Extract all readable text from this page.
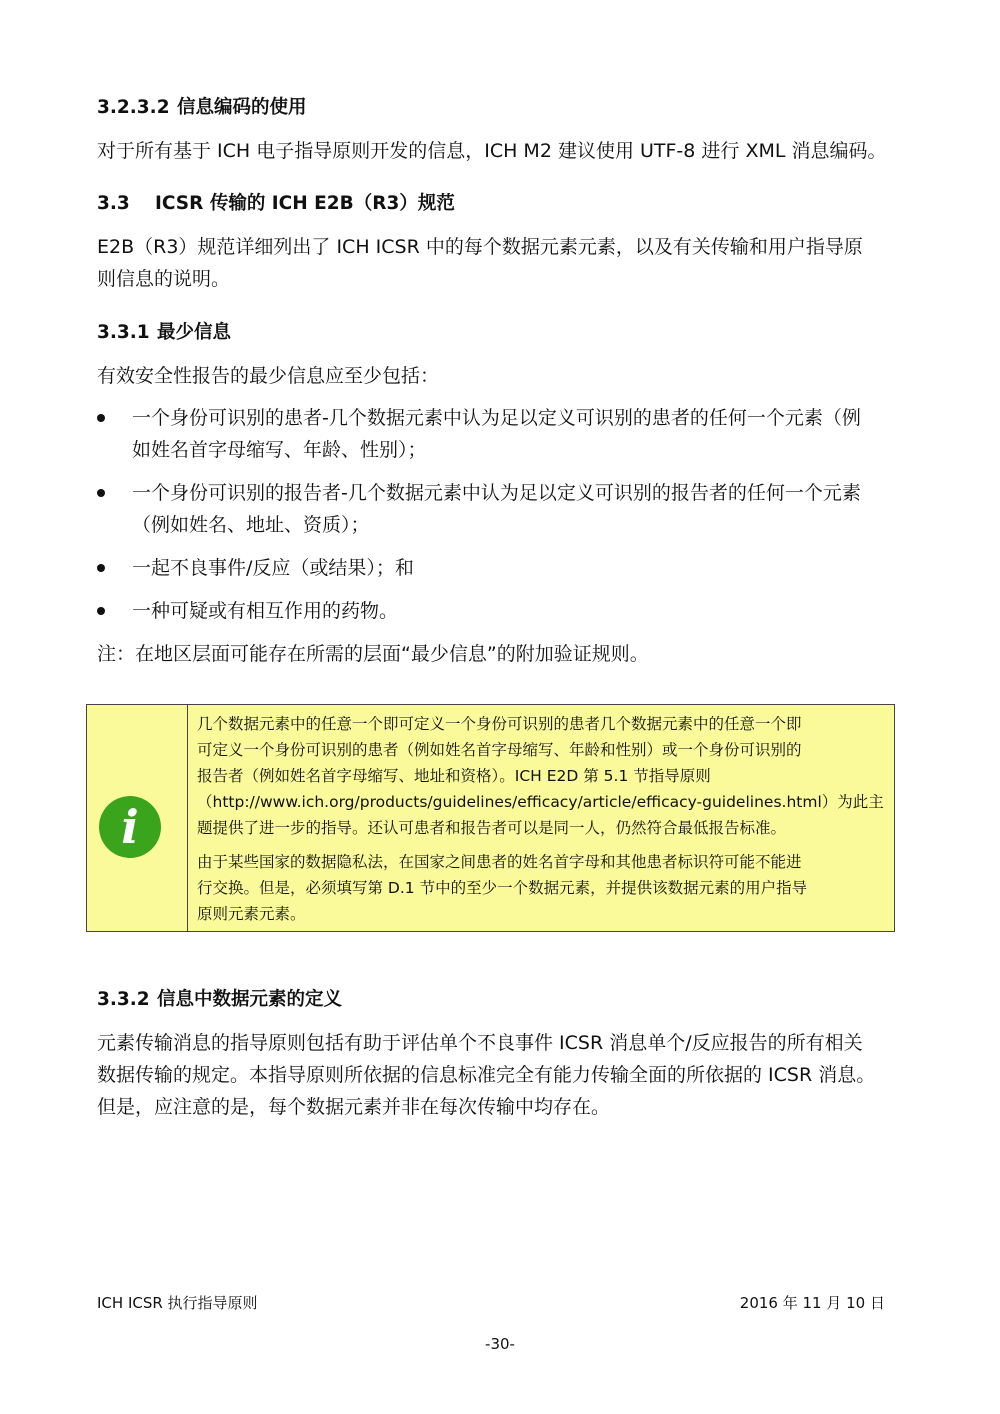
3.2.3.2 信息编码的使用
对于所有基于 ICH 电子指导原则开发的信息，ICH M2 建议使用 UTF-8 进行 XML 消息编码。
3.3 ICSR 传输的 ICH E2B（R3）规范
E2B（R3）规范详细列出了 ICH ICSR 中的每个数据元素元素，以及有关传输和用户指导原
则信息的说明。
3.3.1 最少信息
有效安全性报告的最少信息应至少包括：
一个身份可识别的患者-几个数据元素中认为足以定义可识别的患者的任何一个元素（例
如姓名首字母缩写、年龄、性别）；
一个身份可识别的报告者-几个数据元素中认为足以定义可识别的报告者的任何一个元素
（例如姓名、地址、资质）；
一起不良事件/反应（或结果）；和
一种可疑或有相互作用的药物。
注：在地区层面可能存在所需的层面“最少信息”的附加验证规则。
i
几个数据元素中的任意一个即可定义一个身份可识别的患者几个数据元素中的任意一个即
可定义一个身份可识别的患者（例如姓名首字母缩写、年龄和性别）或一个身份可识别的
报告者（例如姓名首字母缩写、地址和资格）。ICH E2D 第 5.1 节指导原则
（http://www.ich.org/products/guidelines/efficacy/article/efficacy-guidelines.html）为此主
题提供了进一步的指导。还认可患者和报告者可以是同一人，仍然符合最低报告标准。
由于某些国家的数据隐私法，在国家之间患者的姓名首字母和其他患者标识符可能不能进
行交换。但是，必须填写第 D.1 节中的至少一个数据元素，并提供该数据元素的用户指导
原则元素元素。
3.3.2 信息中数据元素的定义
元素传输消息的指导原则包括有助于评估单个不良事件 ICSR 消息单个/反应报告的所有相关
数据传输的规定。本指导原则所依据的信息标准完全有能力传输全面的所依据的 ICSR 消息。
但是，应注意的是，每个数据元素并非在每次传输中均存在。
ICH ICSR 执行指导原则	2016 年 11 月 10 日
-30-
